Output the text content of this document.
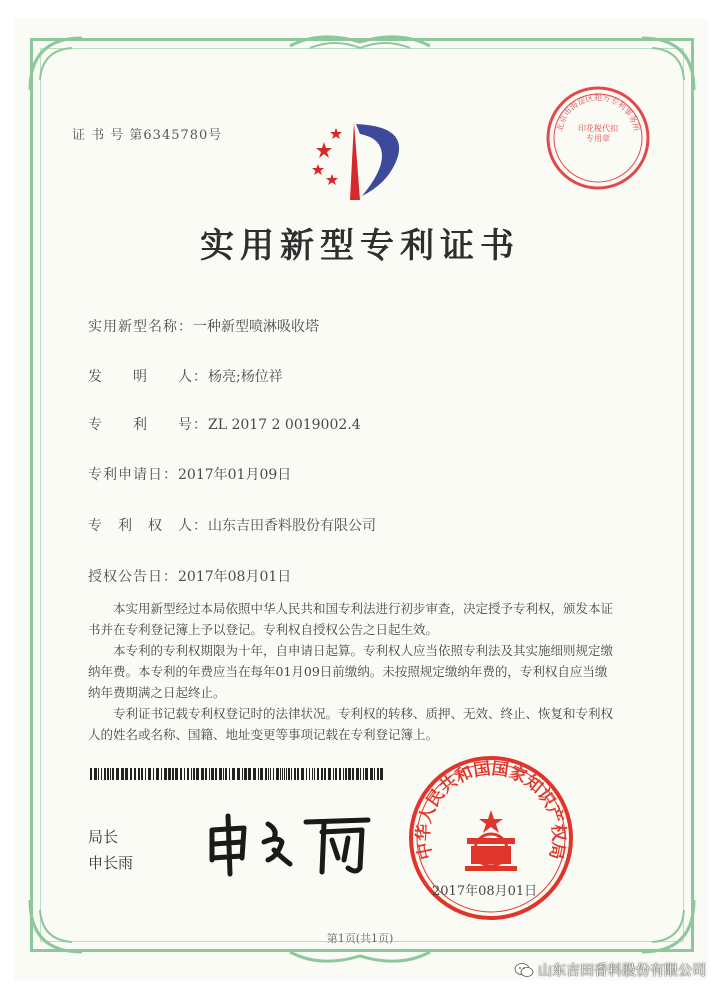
证 书 号 第6345780号
实用新型专利证书
实用新型名称：一种新型喷淋吸收塔
发　　明　　人：杨亮;杨位祥
专　　利　　号：ZL 2017 2 0019002.4
专利申请日：2017年01月09日
专　利　权　人：山东吉田香料股份有限公司
授权公告日：2017年08月01日

本实用新型经过本局依照中华人民共和国专利法进行初步审查，决定授予专利权，颁发本证书并在专利登记簿上予以登记。专利权自授权公告之日起生效。

本专利的专利权期限为十年，自申请日起算。专利权人应当依照专利法及其实施细则规定缴纳年费。本专利的年费应当在每年01月09日前缴纳。未按照规定缴纳年费的，专利权自应当缴纳年费期满之日起终止。

专利证书记载专利权登记时的法律状况。专利权的转移、质押、无效、终止、恢复和专利权人的姓名或名称、国籍、地址变更等事项记载在专利登记簿上。

局长
申长雨
中华人民共和国国家知识产权局
2017年08月01日
北京市海淀区超方专利事务所
印花税代扣专用章
第1页(共1页)
山东吉田香料股份有限公司
